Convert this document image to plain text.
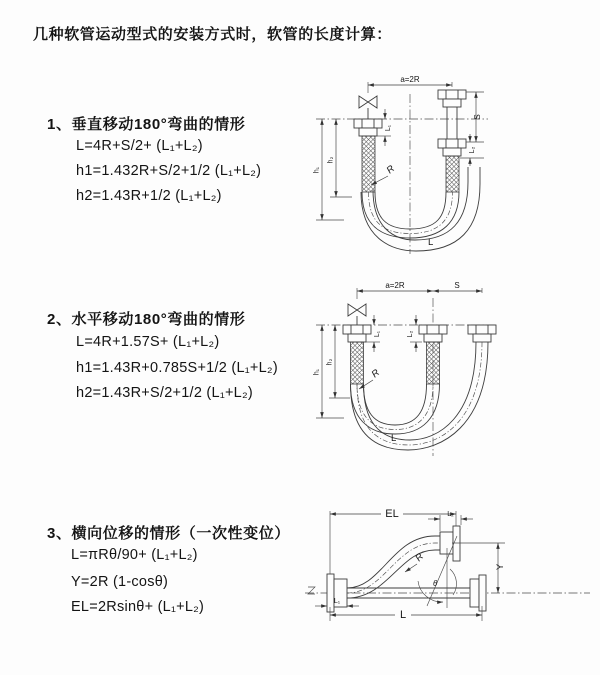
几种软管运动型式的安装方式时，软管的长度计算：
1、垂直移动180°弯曲的情形
L=4R+S/2+ (L₁+L₂)
h1=1.432R+S/2+1/2 (L₁+L₂)
h2=1.43R+1/2 (L₁+L₂)
2、水平移动180°弯曲的情形
L=4R+1.57S+ (L₁+L₂)
h1=1.43R+0.785S+1/2 (L₁+L₂)
h2=1.43R+S/2+1/2 (L₁+L₂)
3、横向位移的情形（一次性变位）
L=πRθ/90+ (L₁+L₂)
Y=2R (1-cosθ)
EL=2Rsinθ+ (L₁+L₂)
a=2R
R
L
S
L₂
h₁
h₂
L₁
a=2R	S
R
L
h₁
h₂
L₁	L₂
EL	L₂
Y
θ
R
L
L₁
